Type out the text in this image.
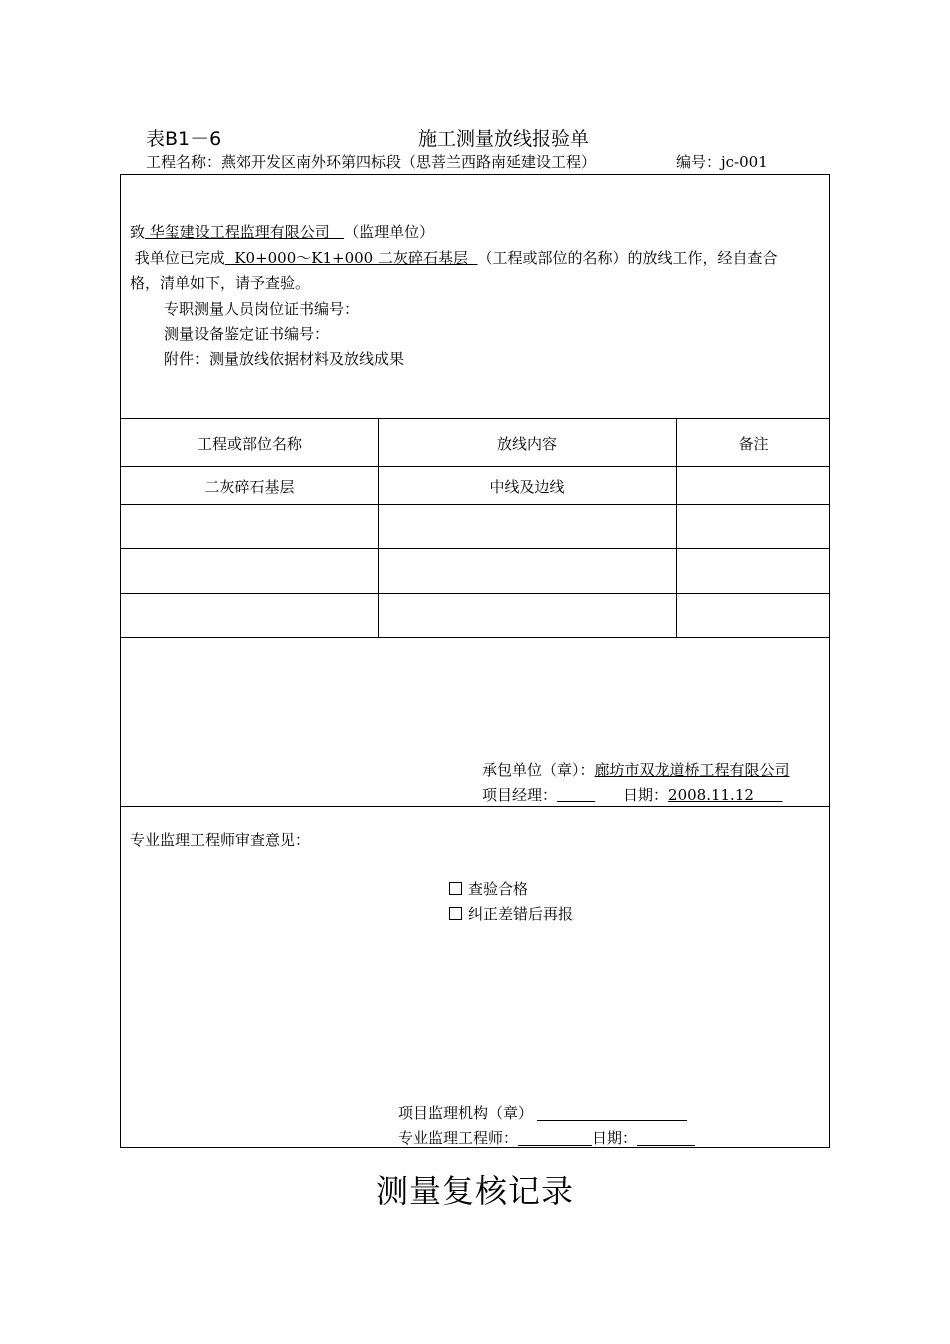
表B1－6	施工测量放线报验单
工程名称：燕郊开发区南外环第四标段（思菩兰西路南延建设工程）	编号：jc-001
致 华玺建设工程监理有限公司   （监理单位）
我单位已完成  K0+000～K1+000 二灰碎石基层  （工程或部位的名称）的放线工作，经自查合
格，清单如下，请予查验。
专职测量人员岗位证书编号：
测量设备鉴定证书编号：
附件：测量放线依据材料及放线成果
工程或部位名称	放线内容	备注
二灰碎石基层	中线及边线
承包单位（章）：廊坊市双龙道桥工程有限公司
项目经理：	日期：2008.11.12
专业监理工程师审查意见：
查验合格
纠正差错后再报
项目监理机构（章）
专业监理工程师：	日期：
测量复核记录
